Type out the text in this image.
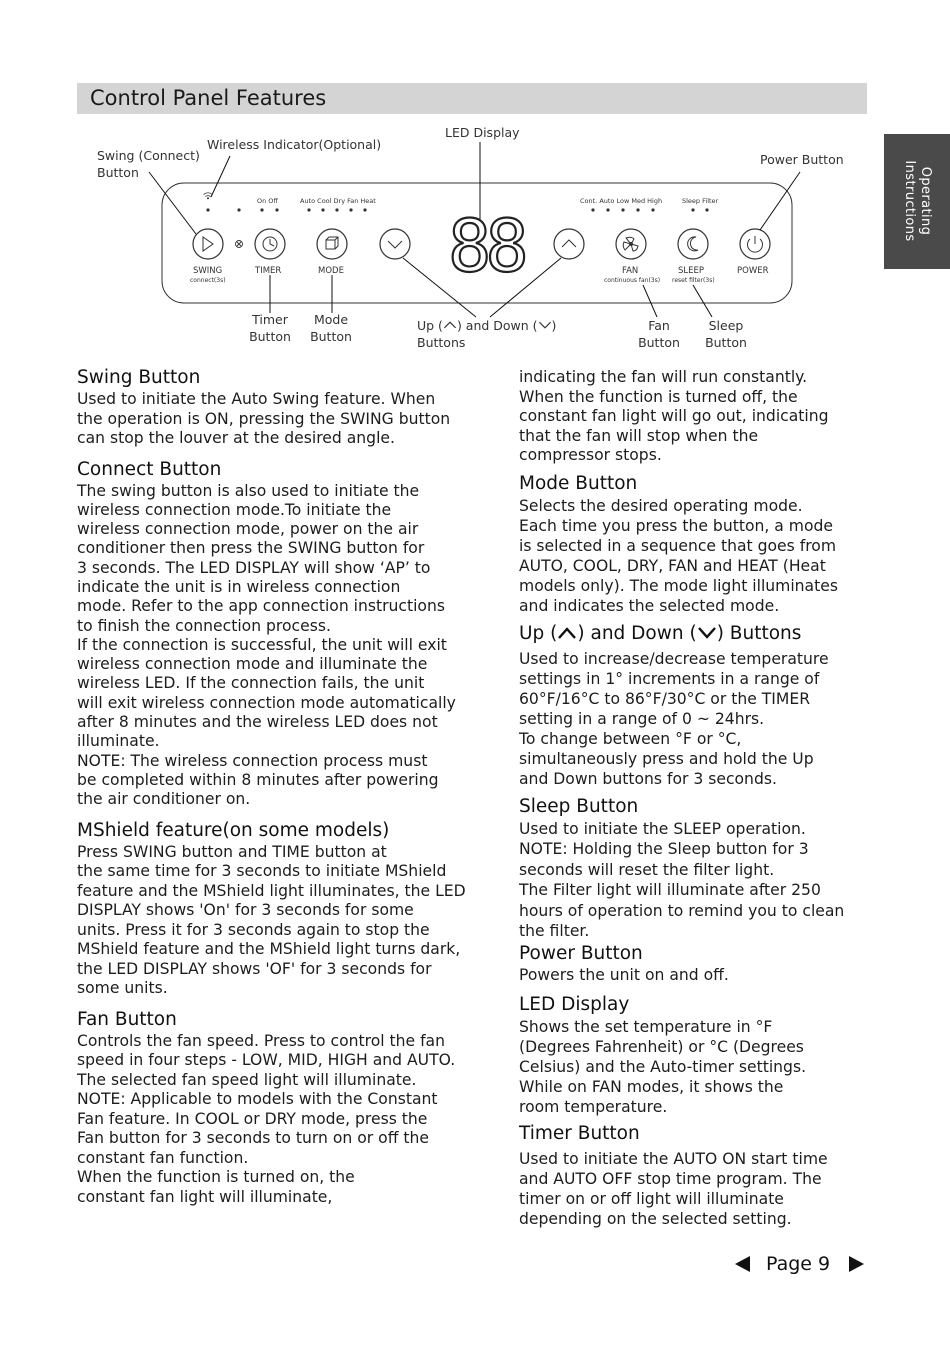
Control Panel Features
Operating Instructions
88
On Off	Auto Cool Dry Fan Heat	Cont. Auto Low Med High	Sleep Filter
SWING
connect(3s)
TIMER	MODE	FAN
continuous fan(3s)
SLEEP
reset filter(3s)
POWER
Swing (Connect)
Button
Wireless Indicator(Optional)
LED Display
Power Button
Timer
Button
Mode
Button
Up ( ) and Down ( )
Buttons
Fan
Button
Sleep
Button
Swing Button

Used to initiate the Auto Swing feature. When

the operation is ON, pressing the SWING button

can stop the louver at the desired angle.

Connect Button

The swing button is also used to initiate the

wireless connection mode.To initiate the

wireless connection mode, power on the air

conditioner then press the SWING button for

3 seconds. The LED DISPLAY will show ‘AP’ to

indicate the unit is in wireless connection

mode. Refer to the app connection instructions

to finish the connection process.

If the connection is successful, the unit will exit

wireless connection mode and illuminate the

wireless LED. If the connection fails, the unit

will exit wireless connection mode automatically

after 8 minutes and the wireless LED does not

illuminate.

NOTE: The wireless connection process must

be completed within 8 minutes after powering

the air conditioner on.

MShield feature(on some models)

Press SWING button and TIME button at

the same time for 3 seconds to initiate MShield

feature and the MShield light illuminates, the LED

DISPLAY shows 'On' for 3 seconds for some

units. Press it for 3 seconds again to stop the

MShield feature and the MShield light turns dark,

the LED DISPLAY shows 'OF' for 3 seconds for

some units.

Fan Button

Controls the fan speed. Press to control the fan

speed in four steps - LOW, MID, HIGH and AUTO.

The selected fan speed light will illuminate.

NOTE: Applicable to models with the Constant

Fan feature. In COOL or DRY mode, press the

Fan button for 3 seconds to turn on or off the

constant fan function.

When the function is turned on, the

constant fan light will illuminate,

indicating the fan will run constantly.

When the function is turned off, the

constant fan light will go out, indicating

that the fan will stop when the

compressor stops.

Mode Button

Selects the desired operating mode.

Each time you press the button, a mode

is selected in a sequence that goes from

AUTO, COOL, DRY, FAN and HEAT (Heat

models only). The mode light illuminates

and indicates the selected mode.

Up ( ) and Down ( ) Buttons

Used to increase/decrease temperature

settings in 1° increments in a range of

60°F/16°C to 86°F/30°C or the TIMER

setting in a range of 0 ~ 24hrs.

To change between °F or °C,

simultaneously press and hold the Up

and Down buttons for 3 seconds.

Sleep Button

Used to initiate the SLEEP operation.

NOTE: Holding the Sleep button for 3

seconds will reset the filter light.

The Filter light will illuminate after 250

hours of operation to remind you to clean

the filter.

Power Button

Powers the unit on and off.

LED Display

Shows the set temperature in °F

(Degrees Fahrenheit) or °C (Degrees

Celsius) and the Auto-timer settings.

While on FAN modes, it shows the

room temperature.

Timer Button

Used to initiate the AUTO ON start time

and AUTO OFF stop time program. The

timer on or off light will illuminate

depending on the selected setting.

Page 9
